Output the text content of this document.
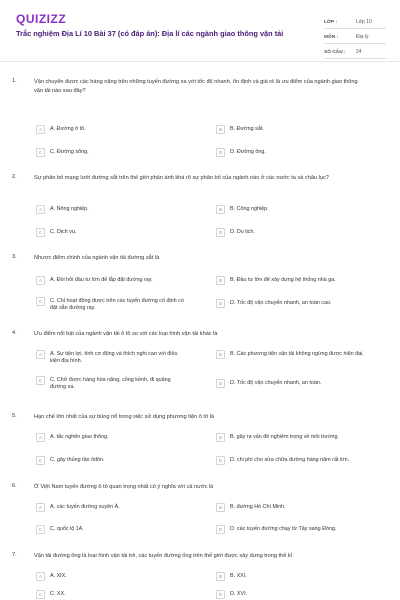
QUIZIZZ
Trắc nghiệm Địa Lí 10 Bài 37 (có đáp án): Địa lí các ngành giao thông vận tải
LỚP :	Lớp 10
MÔN :	Địa lý
SỐ CÂU :	24
1.	Vận chuyển được các hàng nặng trên những tuyến đường xa với tốc độ nhanh, ổn định và giá rẻ là ưu điểm của ngành giao thông vận tải nào sau đây?
A	A. Đường ô tô.	B	B. Đường sắt.
C	C. Đường sông.	D	D. Đường ống.
2.	Sự phân bố mạng lưới đường sắt trên thế giới phản ánh khá rõ sự phân bố của ngành nào ở các nước ta và châu lục?
A	A. Nông nghiệp.	B	B. Công nghiệp.
C	C. Dịch vụ.	D	D. Du lịch.
3.	Nhược điểm chính của ngành vận tải đường sắt là
A	A. Đòi hỏi đầu tư lớn để lắp đặt đường ray.	B	B. Đầu tư lớn để xây dựng hệ thống nhà ga.
C	C. Chỉ hoạt động được trên các tuyến đường cố định có đặt sẵn đường ray.
D	D. Tốc độ vận chuyển nhanh, an toàn cao.
4.	Ưu điểm nổi bật của ngành vận tải ô tô so với các loại hình vận tải khác là
A	A. Sự tiện lợi, tính cơ động và thích nghi cao với điều kiện địa hình.
B	B. Các phương tiện vận tải không ngừng được hiện đại.
C	C. Chở được hàng hóa nặng, cồng kềnh, đi quãng đường xa.
D	D. Tốc độ vận chuyển nhanh, an toàn.
5.	Hạn chế lớn nhất của sự bùng nổ trong việc sử dụng phương tiện ô tô là
A	A. tắc nghẽn giao thông.	B	B. gây ra vấn đề nghiêm trọng về môi trường.
C	C. gây thủng tần ôdôn.	D	D. chi phí cho sửa chữa đường hàng năm rất lớn.
6.	Ở Việt Nam tuyến đường ô tô quan trọng nhất có ý nghĩa với cả nước là
A	A. các tuyến đường xuyên Á.	B	B. đường Hồ Chí Minh.
C	C. quốc lộ 1A.	D	D. các tuyến đường chạy từ Tây sang Đông.
7.	Vận tải đường ống là loại hình vận tải trẻ, các tuyến đường ống trên thế giới được xây dựng trong thế kỉ
A	A. XIX.	B	B. XXI.
C	C. XX.	D	D. XVI.
